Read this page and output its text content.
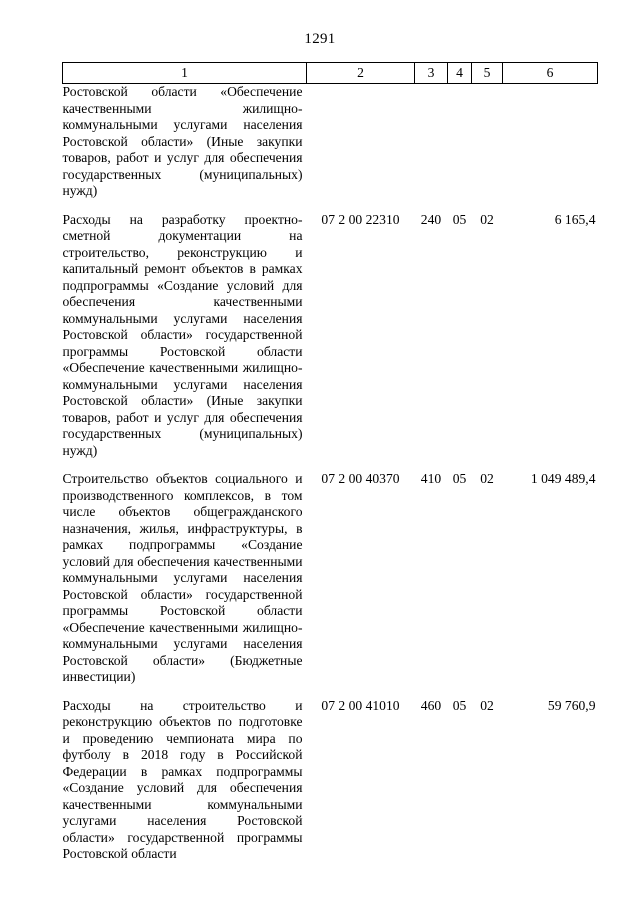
1291
1	2	3	4	5	6
Ростовской области «Обеспечение качественными жилищно-коммунальными услугами населения Ростовской области» (Иные закупки товаров, работ и услуг для обеспечения государственных (муниципальных) нужд)					
Расходы на разработку проектно-сметной документации на строительство, реконструкцию и капитальный ремонт объектов в рамках подпрограммы «Создание условий для обеспечения качественными коммунальными услугами населения Ростовской области» государственной программы Ростовской области «Обеспечение качественными жилищно-коммунальными услугами населения Ростовской области» (Иные закупки товаров, работ и услуг для обеспечения государственных (муниципальных) нужд)	07 2 00 22310	240	05	02	6 165,4
Строительство объектов социального и производственного комплексов, в том числе объектов общегражданского назначения, жилья, инфраструктуры, в рамках подпрограммы «Создание условий для обеспечения качественными коммунальными услугами населения Ростовской области» государственной программы Ростовской области «Обеспечение качественными жилищно-коммунальными услугами населения Ростовской области» (Бюджетные инвестиции)	07 2 00 40370	410	05	02	1 049 489,4
Расходы на строительство и реконструкцию объектов по подготовке и проведению чемпионата мира по футболу в 2018 году в Российской Федерации в рамках подпрограммы «Создание условий для обеспечения качественными коммунальными услугами населения Ростовской области» государственной программы Ростовской области	07 2 00 41010	460	05	02	59 760,9
